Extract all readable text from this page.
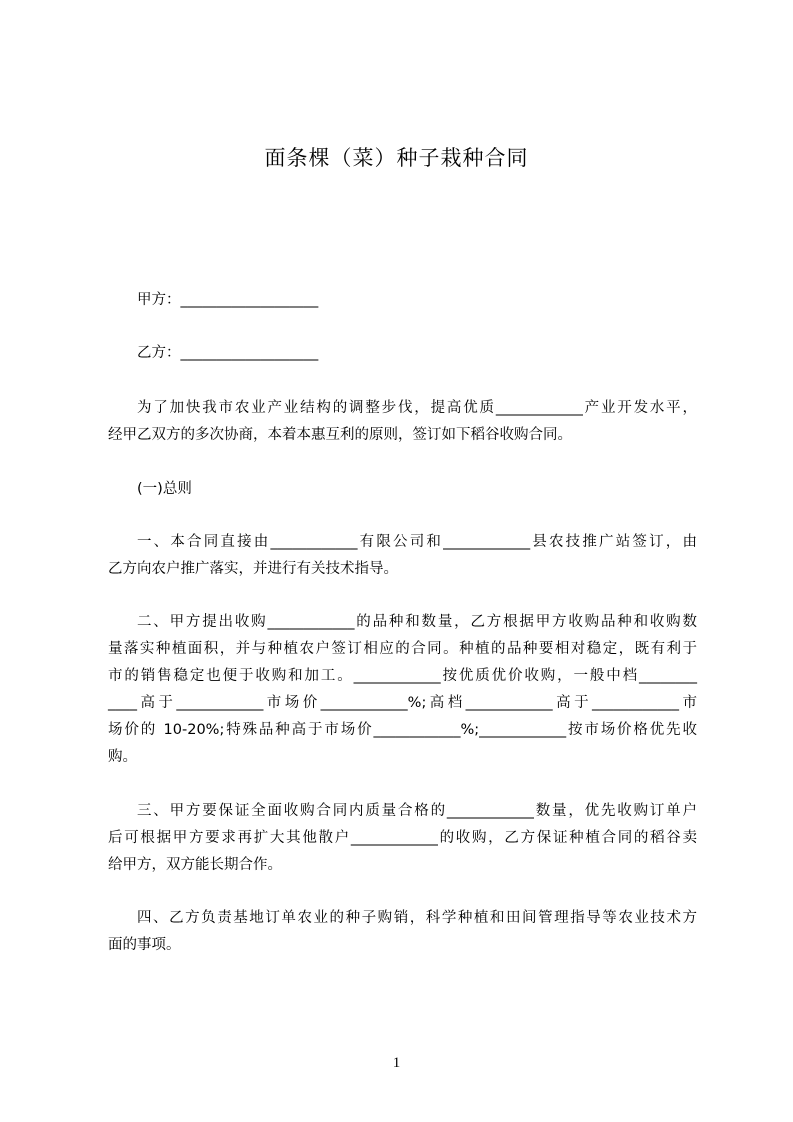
面条棵（菜）种子栽种合同
甲方：___________________
乙方：___________________
为了加快我市农业产业结构的调整步伐，提高优质____________产业开发水平，
经甲乙双方的多次协商，本着本惠互利的原则，签订如下稻谷收购合同。
(一)总则
一、本合同直接由____________有限公司和____________县农技推广站签订，由
乙方向农户推广落实，并进行有关技术指导。
二、甲方提出收购____________的品种和数量，乙方根据甲方收购品种和收购数
量落实种植面积，并与种植农户签订相应的合同。种植的品种要相对稳定，既有利于
市的销售稳定也便于收购和加工。____________按优质优价收购，一般中档________
____高于____________市场价____________%;高档____________高于____________市
场价的 10-20%;特殊品种高于市场价____________%;____________按市场价格优先收
购。
三、甲方要保证全面收购合同内质量合格的____________数量，优先收购订单户
后可根据甲方要求再扩大其他散户____________的收购，乙方保证种植合同的稻谷卖
给甲方，双方能长期合作。
四、乙方负责基地订单农业的种子购销，科学种植和田间管理指导等农业技术方
面的事项。
1
